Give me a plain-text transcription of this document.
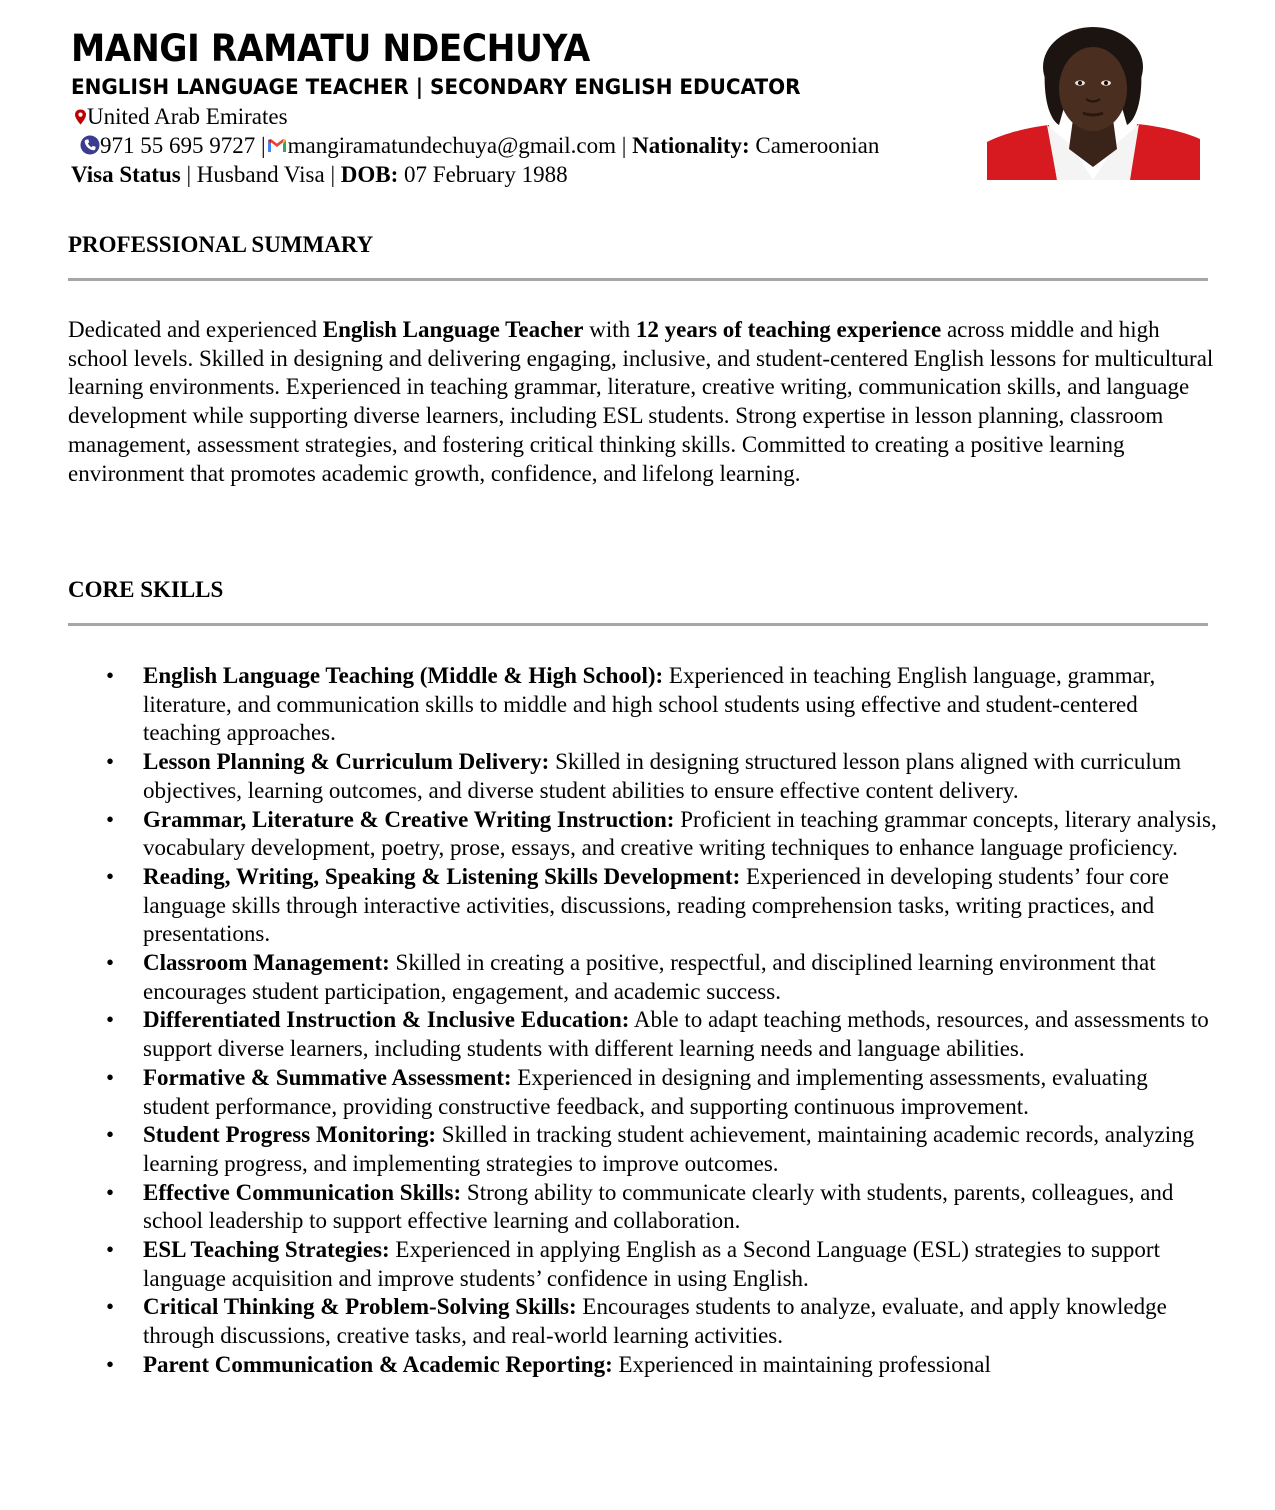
MANGI RAMATU NDECHUYA
ENGLISH LANGUAGE TEACHER | SECONDARY ENGLISH EDUCATOR
United Arab Emirates
971 55 695 9727 | mangiramatundechuya@gmail.com | Nationality: Cameroonian
Visa Status | Husband Visa | DOB: 07 February 1988
PROFESSIONAL SUMMARY

Dedicated and experienced English Language Teacher with 12 years of teaching experience across middle and high school levels. Skilled in designing and delivering engaging, inclusive, and student-centered English lessons for multicultural learning environments. Experienced in teaching grammar, literature, creative writing, communication skills, and language development while supporting diverse learners, including ESL students. Strong expertise in lesson planning, classroom management, assessment strategies, and fostering critical thinking skills. Committed to creating a positive learning environment that promotes academic growth, confidence, and lifelong learning.

CORE SKILLS
• English Language Teaching (Middle & High School): Experienced in teaching English language, grammar, literature, and communication skills to middle and high school students using effective and student-centered teaching approaches.
• Lesson Planning & Curriculum Delivery: Skilled in designing structured lesson plans aligned with curriculum objectives, learning outcomes, and diverse student abilities to ensure effective content delivery.
• Grammar, Literature & Creative Writing Instruction: Proficient in teaching grammar concepts, literary analysis, vocabulary development, poetry, prose, essays, and creative writing techniques to enhance language proficiency.
• Reading, Writing, Speaking & Listening Skills Development: Experienced in developing students’ four core language skills through interactive activities, discussions, reading comprehension tasks, writing practices, and presentations.
• Classroom Management: Skilled in creating a positive, respectful, and disciplined learning environment that encourages student participation, engagement, and academic success.
• Differentiated Instruction & Inclusive Education: Able to adapt teaching methods, resources, and assessments to support diverse learners, including students with different learning needs and language abilities.
• Formative & Summative Assessment: Experienced in designing and implementing assessments, evaluating student performance, providing constructive feedback, and supporting continuous improvement.
• Student Progress Monitoring: Skilled in tracking student achievement, maintaining academic records, analyzing learning progress, and implementing strategies to improve outcomes.
• Effective Communication Skills: Strong ability to communicate clearly with students, parents, colleagues, and school leadership to support effective learning and collaboration.
• ESL Teaching Strategies: Experienced in applying English as a Second Language (ESL) strategies to support language acquisition and improve students’ confidence in using English.
• Critical Thinking & Problem-Solving Skills: Encourages students to analyze, evaluate, and apply knowledge through discussions, creative tasks, and real-world learning activities.
• Parent Communication & Academic Reporting: Experienced in maintaining professional
